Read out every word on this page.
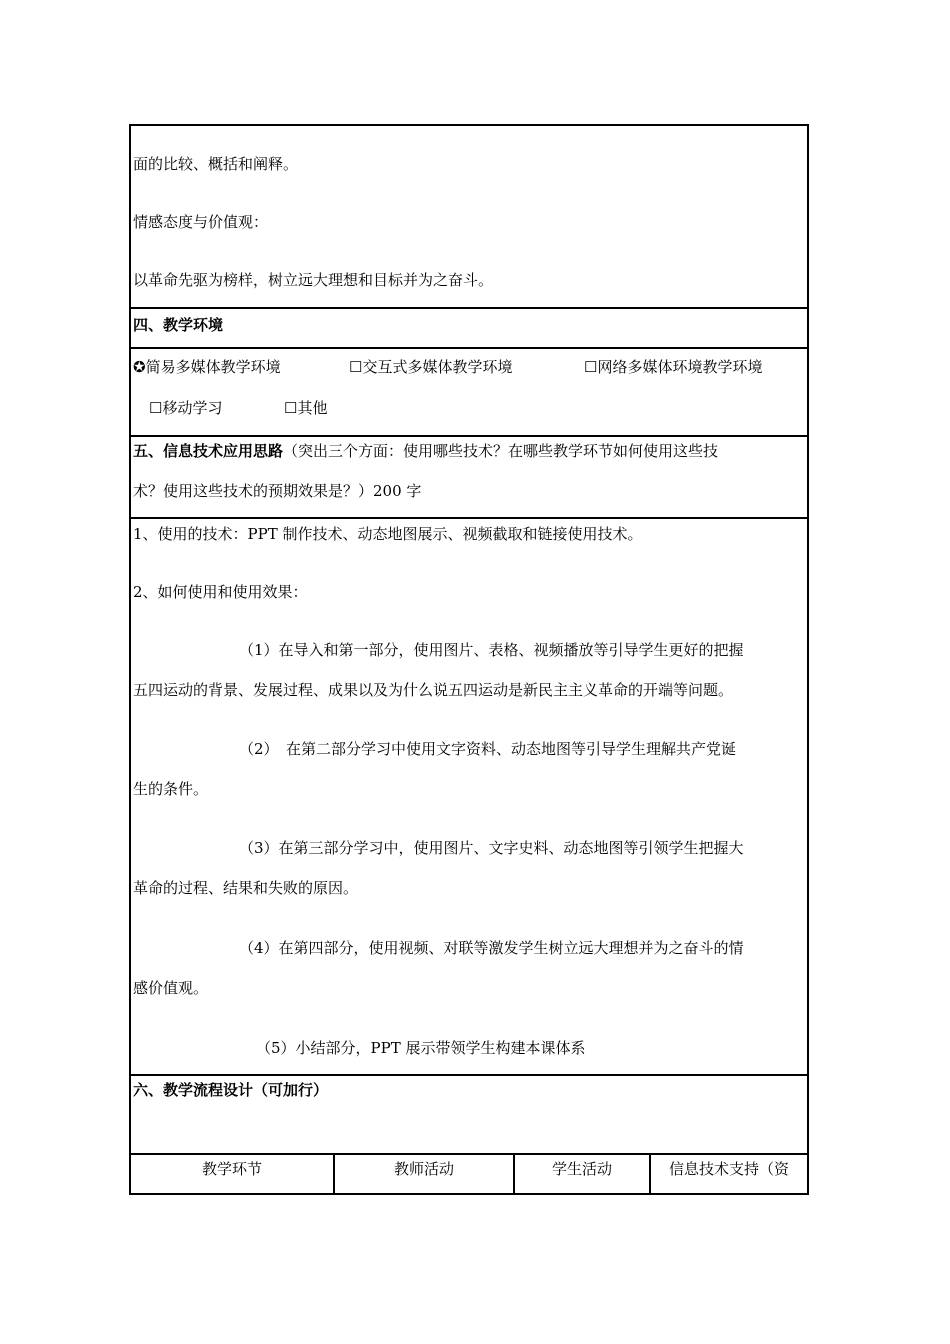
面的比较、概括和阐释。
情感态度与价值观：
以革命先驱为榜样，树立远大理想和目标并为之奋斗。
四、教学环境
✪简易多媒体教学环境	☐交互式多媒体教学环境	☐网络多媒体环境教学环境
☐移动学习	☐其他
五、信息技术应用思路（突出三个方面：使用哪些技术？在哪些教学环节如何使用这些技
术？使用这些技术的预期效果是？）200 字
1、使用的技术：PPT 制作技术、动态地图展示、视频截取和链接使用技术。
2、如何使用和使用效果：
（1）在导入和第一部分，使用图片、表格、视频播放等引导学生更好的把握
五四运动的背景、发展过程、成果以及为什么说五四运动是新民主主义革命的开端等问题。
（2）　在第二部分学习中使用文字资料、动态地图等引导学生理解共产党诞
生的条件。
（3）在第三部分学习中，使用图片、文字史料、动态地图等引领学生把握大
革命的过程、结果和失败的原因。
（4）在第四部分，使用视频、对联等激发学生树立远大理想并为之奋斗的情
感价值观。
（5）小结部分，PPT 展示带领学生构建本课体系
六、教学流程设计（可加行）
教学环节	教师活动	学生活动	信息技术支持（资
